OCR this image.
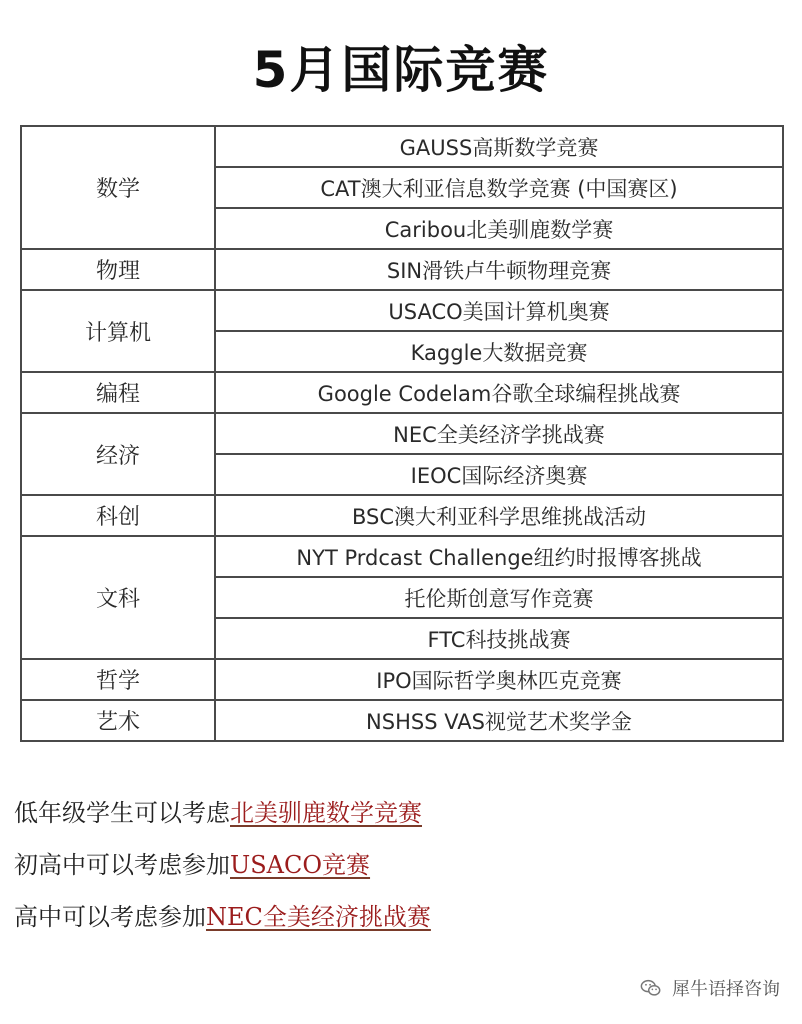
5月国际竞赛
数学	GAUSS高斯数学竞赛
	CAT澳大利亚信息数学竞赛 (中国赛区)
	Caribou北美驯鹿数学赛
物理	SIN滑铁卢牛顿物理竞赛
计算机	USACO美国计算机奥赛
	Kaggle大数据竞赛
编程	Google Codelam谷歌全球编程挑战赛
经济	NEC全美经济学挑战赛
	IEOC国际经济奥赛
科创	BSC澳大利亚科学思维挑战活动
文科	NYT Prdcast Challenge纽约时报博客挑战
	托伦斯创意写作竞赛
	FTC科技挑战赛
哲学	IPO国际哲学奥林匹克竞赛
艺术	NSHSS VAS视觉艺术奖学金
低年级学生可以考虑北美驯鹿数学竞赛
初高中可以考虑参加USACO竞赛
高中可以考虑参加NEC全美经济挑战赛
犀牛语择咨询
